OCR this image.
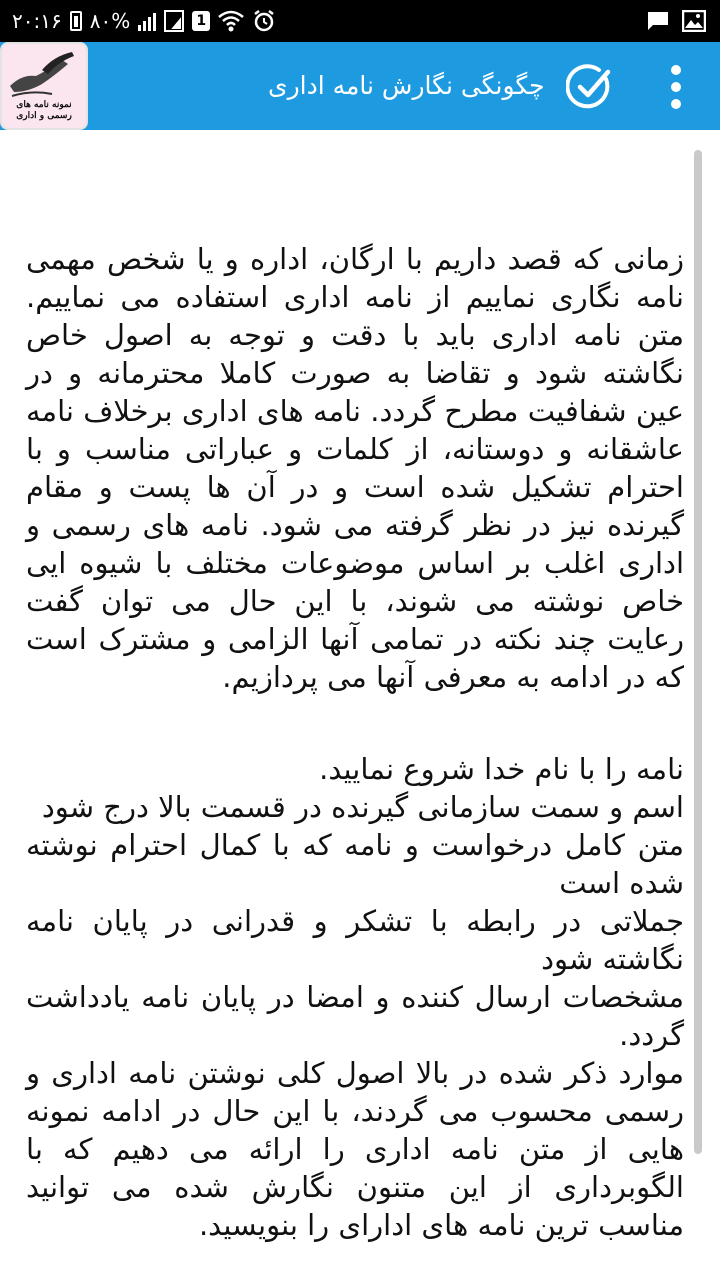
۲۰:۱۶ ۸۰%	1
نمونه نامه های
رسمی و اداری
چگونگی نگارش نامه اداری
زمانی که قصد داریم با ارگان، اداره و یا شخص مهمی نامه نگاری نماییم از نامه اداری استفاده می نماییم. متن نامه اداری باید با دقت و توجه به اصول خاص نگاشته شود و تقاضا به صورت کاملا محترمانه و در عین شفافیت مطرح گردد. نامه های اداری برخلاف نامه عاشقانه و دوستانه، از کلمات و عباراتی مناسب و با احترام تشکیل شده است و در آن ها پست و مقام گیرنده نیز در نظر گرفته می شود. نامه های رسمی و اداری اغلب بر اساس موضوعات مختلف با شیوه ایی خاص نوشته می شوند، با این حال می توان گفت رعایت چند نکته در تمامی آنها الزامی و مشترک است که در ادامه به معرفی آنها می پردازیم.
نامه را با نام خدا شروع نمایید.
اسم و سمت سازمانی گیرنده در قسمت بالا درج شود
متن کامل درخواست و نامه که با کمال احترام نوشته شده است
جملاتی در رابطه با تشکر و قدرانی در پایان نامه نگاشته شود
مشخصات ارسال کننده و امضا در پایان نامه یادداشت گردد.
موارد ذکر شده در بالا اصول کلی نوشتن نامه اداری و رسمی محسوب می گردند، با این حال در ادامه نمونه هایی از متن نامه اداری را ارائه می دهیم که با الگوبرداری از این متنون نگارش شده می توانید مناسب ترین نامه های ادارای را بنویسید.
